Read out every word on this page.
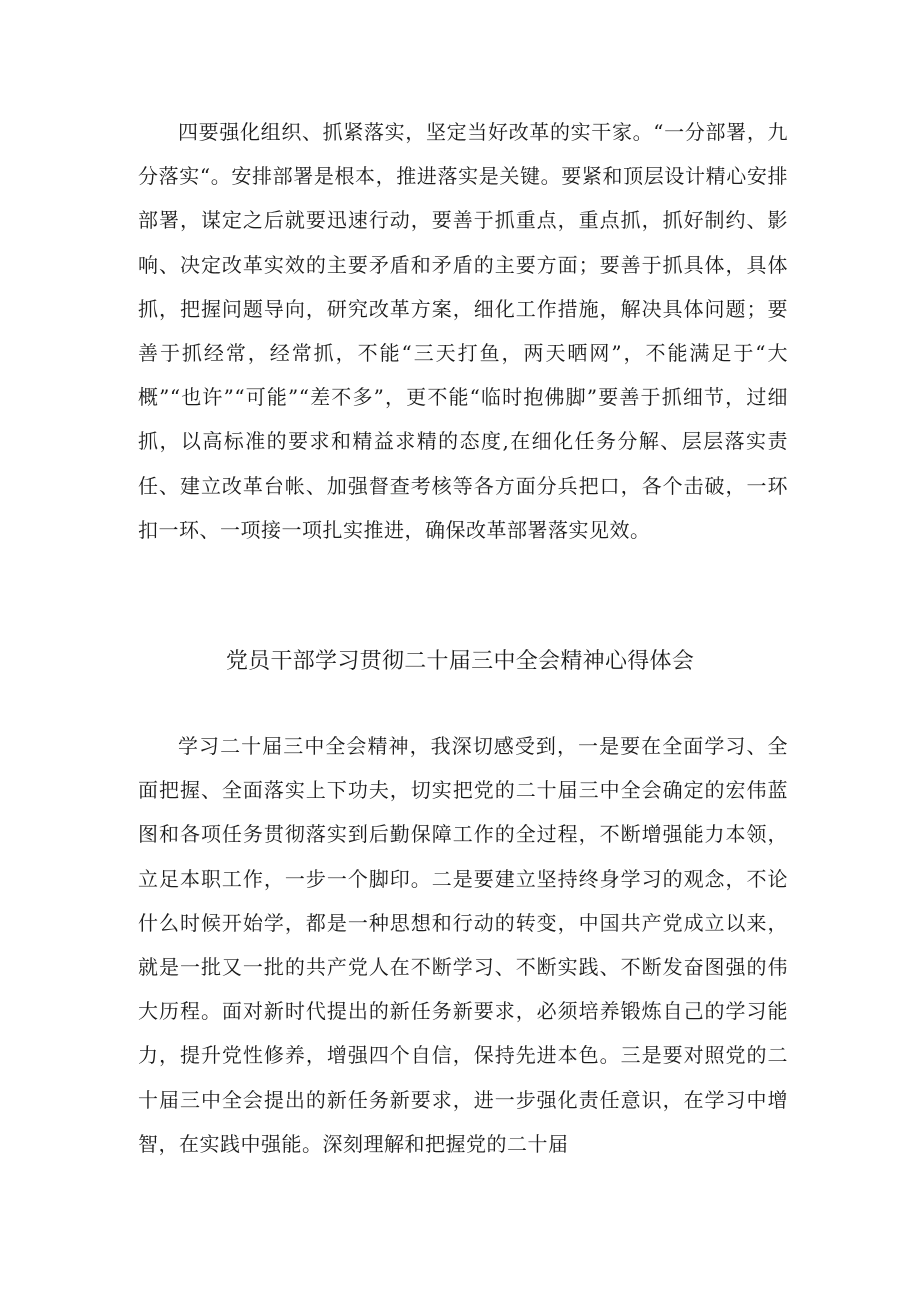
四要强化组织、抓紧落实，坚定当好改革的实干家。“一分部署，九分落实“。安排部署是根本，推进落实是关键。要紧和顶层设计精心安排部署，谋定之后就要迅速行动，要善于抓重点，重点抓，抓好制约、影响、决定改革实效的主要矛盾和矛盾的主要方面；要善于抓具体，具体抓，把握问题导向，研究改革方案，细化工作措施，解决具体问题；要善于抓经常，经常抓，不能“三天打鱼，两天晒网”，不能满足于“大概”“也许”“可能”“差不多”，更不能“临时抱佛脚”要善于抓细节，过细抓，以高标准的要求和精益求精的态度,在细化任务分解、层层落实责任、建立改革台帐、加强督查考核等各方面分兵把口，各个击破，一环扣一环、一项接一项扎实推进，确保改革部署落实见效。

党员干部学习贯彻二十届三中全会精神心得体会

学习二十届三中全会精神，我深切感受到，一是要在全面学习、全面把握、全面落实上下功夫，切实把党的二十届三中全会确定的宏伟蓝图和各项任务贯彻落实到后勤保障工作的全过程，不断增强能力本领，立足本职工作，一步一个脚印。二是要建立坚持终身学习的观念，不论什么时候开始学，都是一种思想和行动的转变，中国共产党成立以来，就是一批又一批的共产党人在不断学习、不断实践、不断发奋图强的伟大历程。面对新时代提出的新任务新要求，必须培养锻炼自己的学习能力，提升党性修养，增强四个自信，保持先进本色。三是要对照党的二十届三中全会提出的新任务新要求，进一步强化责任意识，在学习中增智，在实践中强能。深刻理解和把握党的二十届
